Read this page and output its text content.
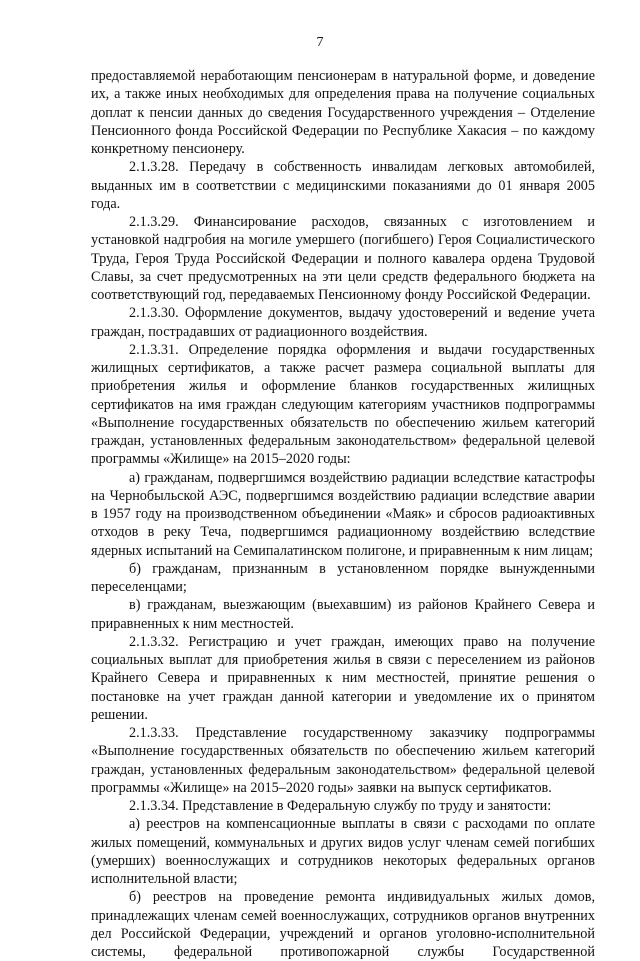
7

предоставляемой неработающим пенсионерам в натуральной форме, и доведение их, а также иных необходимых для определения права на получение социальных доплат к пенсии данных до сведения Государственного учреждения – Отделение Пенсионного фонда Российской Федерации по Республике Хакасия – по каждому конкретному пенсионеру.

2.1.3.28. Передачу в собственность инвалидам легковых автомобилей, выданных им в соответствии с медицинскими показаниями до 01 января 2005 года.

2.1.3.29. Финансирование расходов, связанных с изготовлением и установкой надгробия на могиле умершего (погибшего) Героя Социалистического Труда, Героя Труда Российской Федерации и полного кавалера ордена Трудовой Славы, за счет предусмотренных на эти цели средств федерального бюджета на соответствующий год, передаваемых Пенсионному фонду Российской Федерации.

2.1.3.30. Оформление документов, выдачу удостоверений и ведение учета граждан, пострадавших от радиационного воздействия.

2.1.3.31. Определение порядка оформления и выдачи государственных жилищных сертификатов, а также расчет размера социальной выплаты для приобретения жилья и оформление бланков государственных жилищных сертификатов на имя граждан следующим категориям участников подпрограммы «Выполнение государственных обязательств по обеспечению жильем категорий граждан, установленных федеральным законодательством» федеральной целевой программы «Жилище» на 2015–2020 годы:

а) гражданам, подвергшимся воздействию радиации вследствие катастрофы на Чернобыльской АЭС, подвергшимся воздействию радиации вследствие аварии в 1957 году на производственном объединении «Маяк» и сбросов радиоактивных отходов в реку Теча, подвергшимся радиационному воздействию вследствие ядерных испытаний на Семипалатинском полигоне, и приравненным к ним лицам;

б) гражданам, признанным в установленном порядке вынужденными переселенцами;

в) гражданам, выезжающим (выехавшим) из районов Крайнего Севера и приравненных к ним местностей.

2.1.3.32. Регистрацию и учет граждан, имеющих право на получение социальных выплат для приобретения жилья в связи с переселением из районов Крайнего Севера и приравненных к ним местностей, принятие решения о постановке на учет граждан данной категории и уведомление их о принятом решении.

2.1.3.33. Представление государственному заказчику подпрограммы «Выполнение государственных обязательств по обеспечению жильем категорий граждан, установленных федеральным законодательством» федеральной целевой программы «Жилище» на 2015–2020 годы» заявки на выпуск сертификатов.

2.1.3.34. Представление в Федеральную службу по труду и занятости:

а) реестров на компенсационные выплаты в связи с расходами по оплате жилых помещений, коммунальных и других видов услуг членам семей погибших (умерших) военнослужащих и сотрудников некоторых федеральных органов исполнительной власти;

б) реестров на проведение ремонта индивидуальных жилых домов, принадлежащих членам семей военнослужащих, сотрудников органов внутренних дел Российской Федерации, учреждений и органов уголовно-исполнительной системы, федеральной противопожарной службы Государственной
